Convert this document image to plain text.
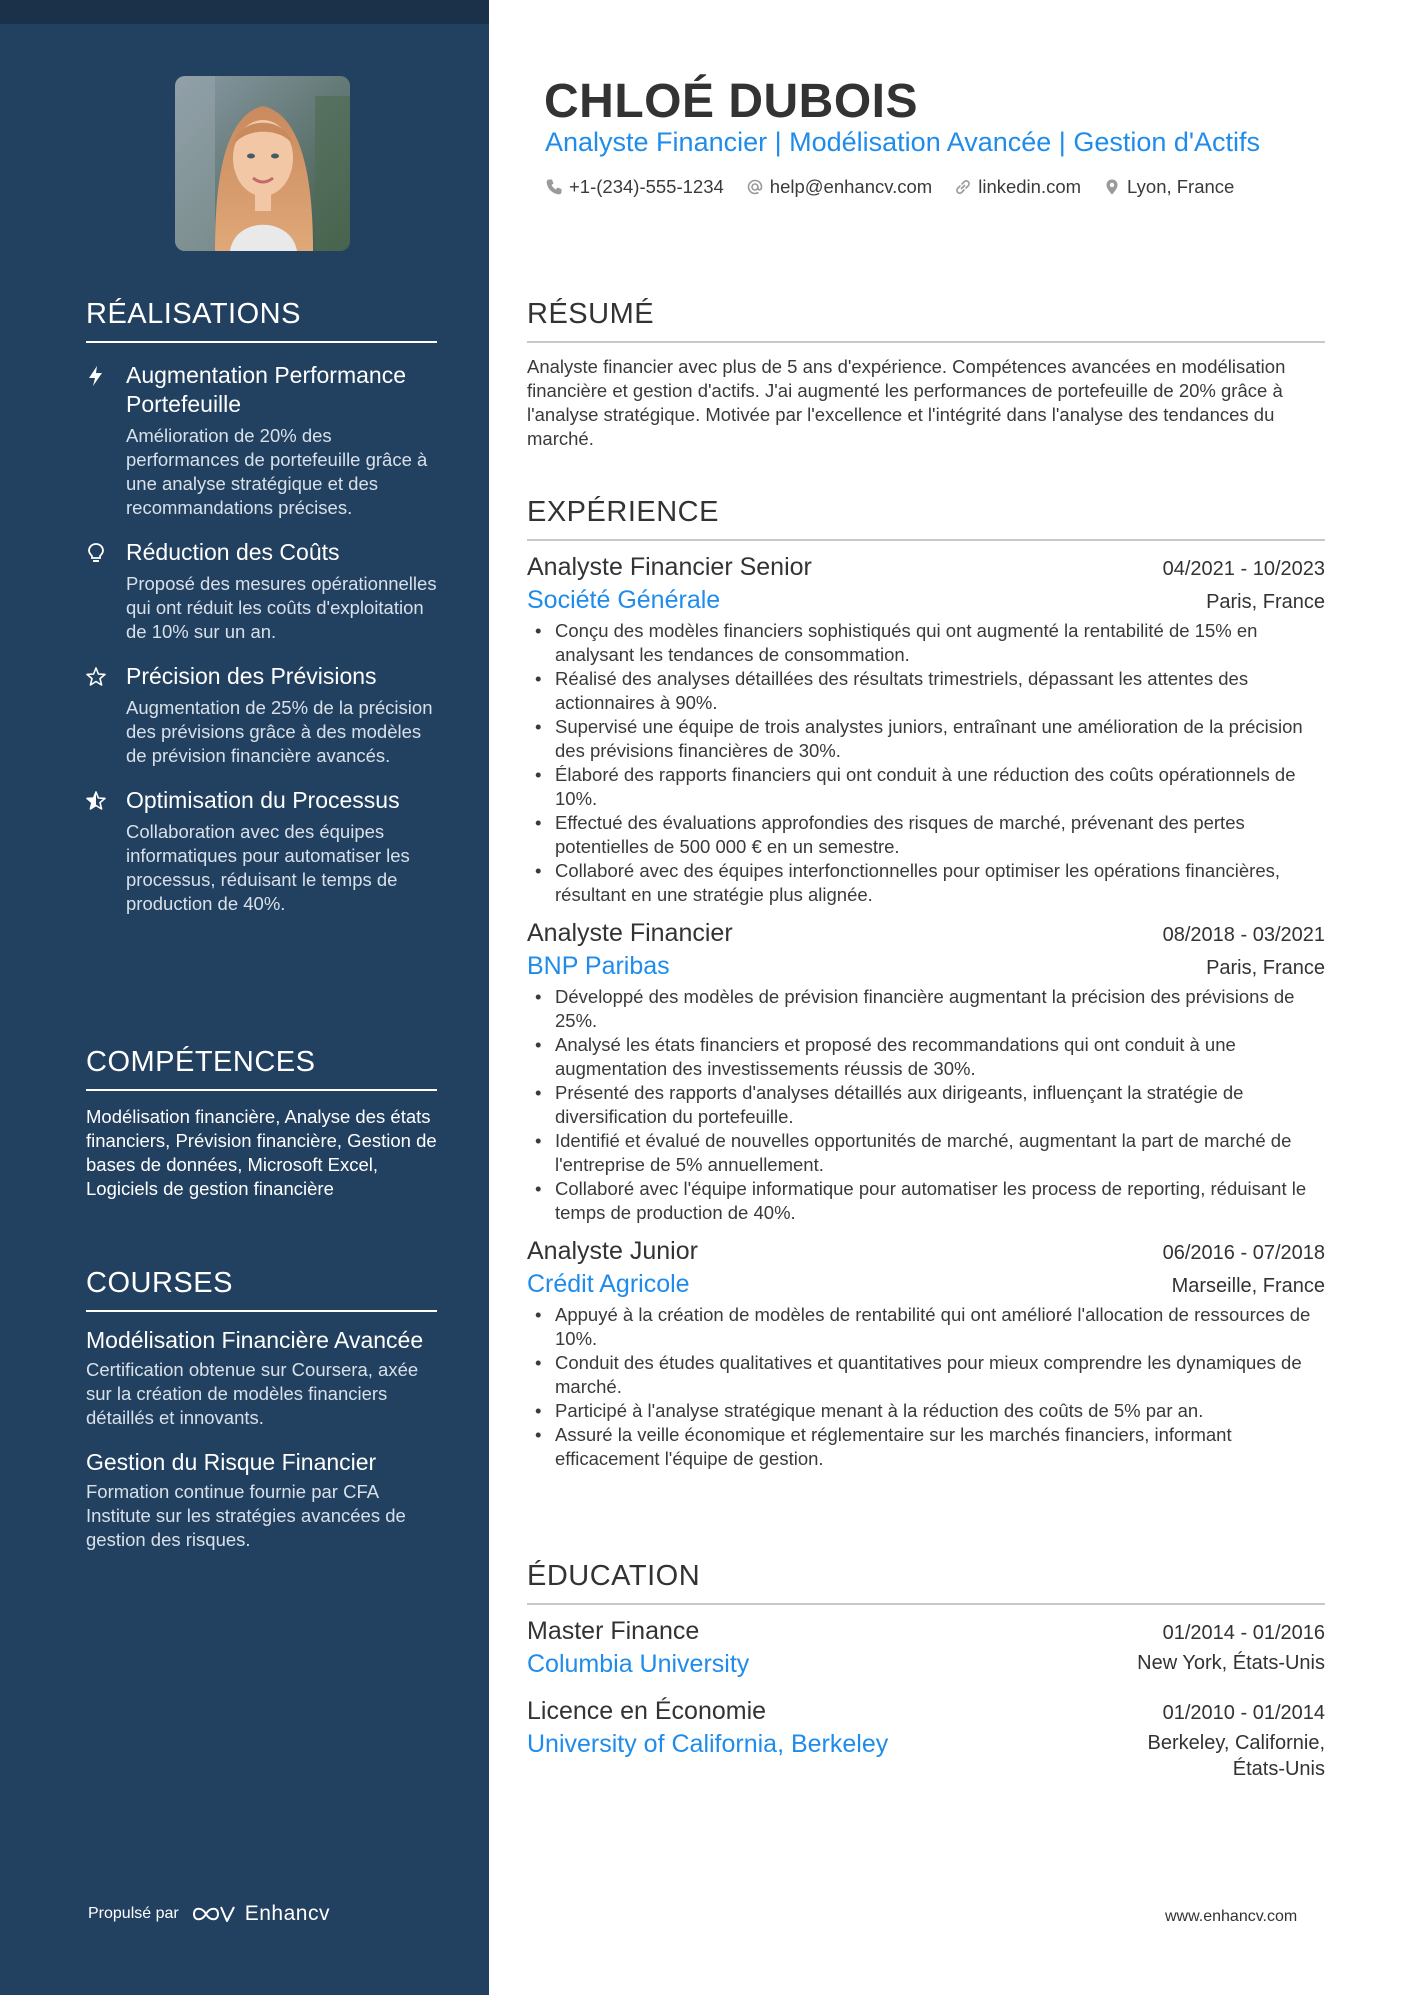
RÉALISATIONS
Augmentation Performance Portefeuille
Amélioration de 20% des performances de portefeuille grâce à une analyse stratégique et des recommandations précises.
Réduction des Coûts
Proposé des mesures opérationnelles qui ont réduit les coûts d'exploitation de 10% sur un an.
Précision des Prévisions
Augmentation de 25% de la précision des prévisions grâce à des modèles de prévision financière avancés.
Optimisation du Processus
Collaboration avec des équipes informatiques pour automatiser les processus, réduisant le temps de production de 40%.
COMPÉTENCES
Modélisation financière, Analyse des états financiers, Prévision financière, Gestion de bases de données, Microsoft Excel, Logiciels de gestion financière
COURSES
Modélisation Financière Avancée
Certification obtenue sur Coursera, axée sur la création de modèles financiers détaillés et innovants.
Gestion du Risque Financier
Formation continue fournie par CFA Institute sur les stratégies avancées de gestion des risques.
Propulsé par	Enhancv
CHLOÉ DUBOIS
Analyste Financier | Modélisation Avancée | Gestion d'Actifs
+1-(234)-555-1234 help@enhancv.com linkedin.com Lyon, France
RÉSUMÉ
Analyste financier avec plus de 5 ans d'expérience. Compétences avancées en modélisation financière et gestion d'actifs. J'ai augmenté les performances de portefeuille de 20% grâce à l'analyse stratégique. Motivée par l'excellence et l'intégrité dans l'analyse des tendances du marché.
EXPÉRIENCE
Analyste Financier Senior	04/2021 - 10/2023
Société Générale	Paris, France
• Conçu des modèles financiers sophistiqués qui ont augmenté la rentabilité de 15% en analysant les tendances de consommation.
• Réalisé des analyses détaillées des résultats trimestriels, dépassant les attentes des actionnaires à 90%.
• Supervisé une équipe de trois analystes juniors, entraînant une amélioration de la précision des prévisions financières de 30%.
• Élaboré des rapports financiers qui ont conduit à une réduction des coûts opérationnels de 10%.
• Effectué des évaluations approfondies des risques de marché, prévenant des pertes potentielles de 500 000 € en un semestre.
• Collaboré avec des équipes interfonctionnelles pour optimiser les opérations financières, résultant en une stratégie plus alignée.
Analyste Financier	08/2018 - 03/2021
BNP Paribas	Paris, France
• Développé des modèles de prévision financière augmentant la précision des prévisions de 25%.
• Analysé les états financiers et proposé des recommandations qui ont conduit à une augmentation des investissements réussis de 30%.
• Présenté des rapports d'analyses détaillés aux dirigeants, influençant la stratégie de diversification du portefeuille.
• Identifié et évalué de nouvelles opportunités de marché, augmentant la part de marché de l'entreprise de 5% annuellement.
• Collaboré avec l'équipe informatique pour automatiser les process de reporting, réduisant le temps de production de 40%.
Analyste Junior	06/2016 - 07/2018
Crédit Agricole	Marseille, France
• Appuyé à la création de modèles de rentabilité qui ont amélioré l'allocation de ressources de 10%.
• Conduit des études qualitatives et quantitatives pour mieux comprendre les dynamiques de marché.
• Participé à l'analyse stratégique menant à la réduction des coûts de 5% par an.
• Assuré la veille économique et réglementaire sur les marchés financiers, informant efficacement l'équipe de gestion.
ÉDUCATION
Master Finance	01/2014 - 01/2016
Columbia University	New York, États-Unis
Licence en Économie	01/2010 - 01/2014
University of California, Berkeley	Berkeley, Californie, États-Unis
www.enhancv.com
